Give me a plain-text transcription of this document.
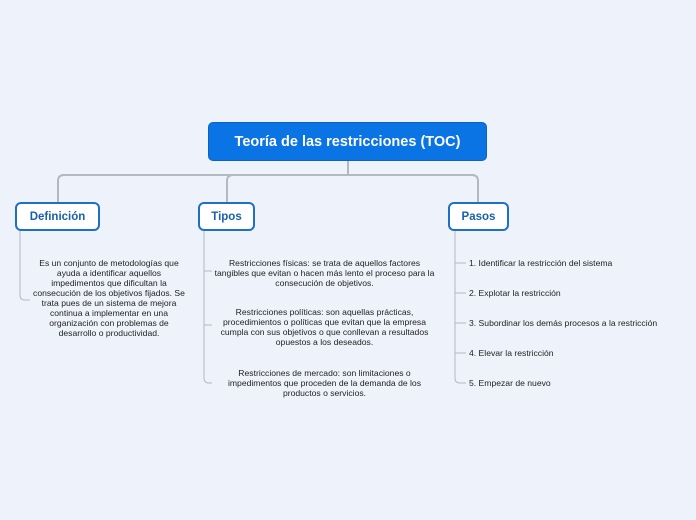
Teoría de las restricciones (TOC)
Definición	Tipos	Pasos
Es un conjunto de metodologías que ayuda a identificar aquellos impedimentos que dificultan la consecución de los objetivos fijados. Se trata pues de un sistema de mejora continua a implementar en una organización con problemas de desarrollo o productividad.
Restricciones físicas: se trata de aquellos factores tangibles que evitan o hacen más lento el proceso para la consecución de objetivos.
Restricciones políticas: son aquellas prácticas, procedimientos o políticas que evitan que la empresa cumpla con sus objetivos o que conllevan a resultados opuestos a los deseados.
Restricciones de mercado: son limitaciones o impedimentos que proceden de la demanda de los productos o servicios.
1. Identificar la restricción del sistema
2. Explotar la restricción
3. Subordinar los demás procesos a la restricción
4. Elevar la restricción
5. Empezar de nuevo
